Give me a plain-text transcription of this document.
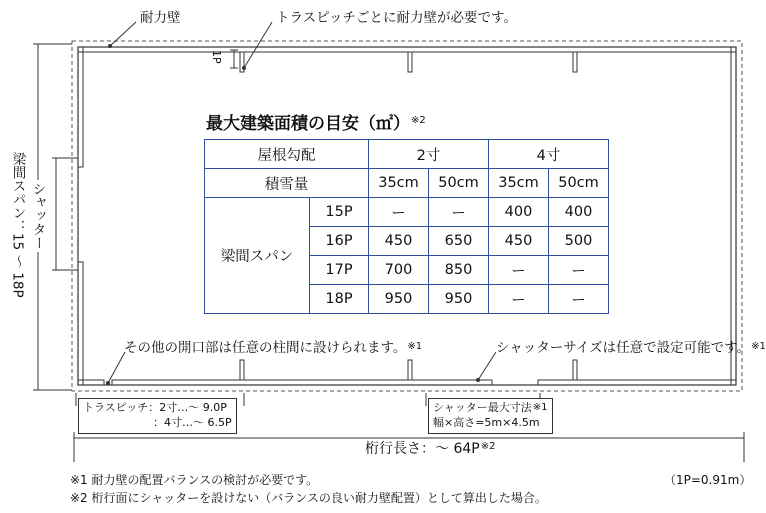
耐力壁	トラスピッチごとに耐力壁が必要です。
1P
その他の開口部は任意の柱間に設けられます。$^{※1}$	シャッターサイズは任意で設定可能です。$^{※1}$
梁間スパン：15 ～ 18P シャッター
トラスピッチ：2寸…～ 9.0P
：4寸…～ 6.5P
シャッター最大寸法※1
幅×高さ=5m×4.5m
桁行長さ：～ $64P^{※2}$
最大建築面積の目安（㎡）$^{※2}$
屋根勾配		2寸		4寸	
積雪量		35cm	50cm	35cm	50cm
梁間スパン	15P	ー	ー	400	400
	16P	450	650	450	500
	17P	700	850	ー	ー
	18P	950	950	ー	ー
※1 耐力壁の配置バランスの検討が必要です。
※2 桁行面にシャッターを設けない（バランスの良い耐力壁配置）として算出した場合。
（1P=0.91m）
